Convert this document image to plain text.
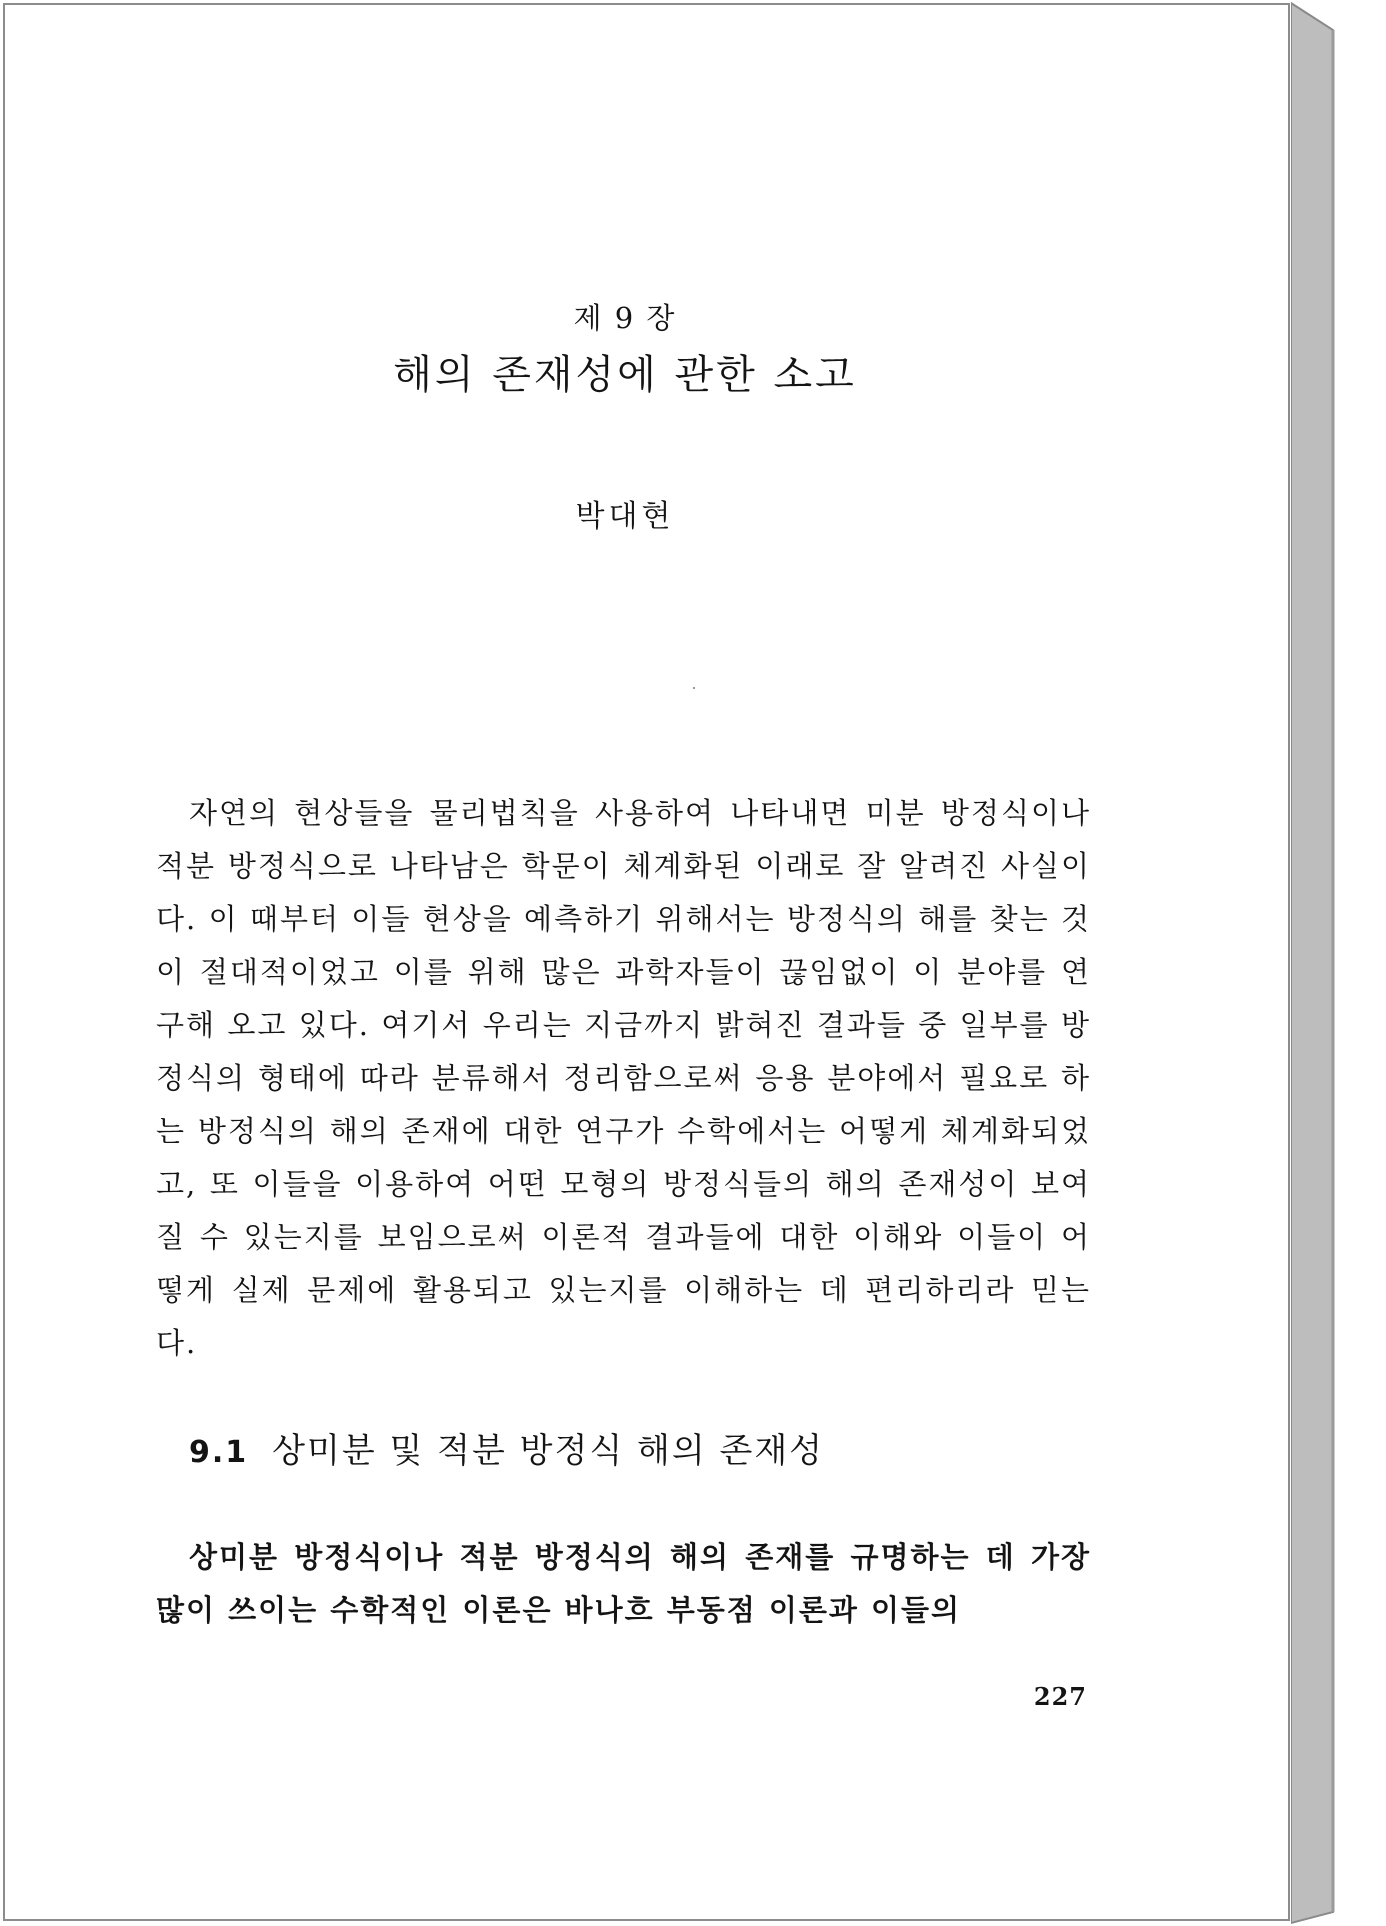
제 9 장
해의 존재성에 관한 소고
박대현

자연의 현상들을 물리법칙을 사용하여 나타내면 미분 방정식이나 적분 방정식으로 나타남은 학문이 체계화된 이래로 잘 알려진 사실이다. 이 때부터 이들 현상을 예측하기 위해서는 방정식의 해를 찾는 것이 절대적이었고 이를 위해 많은 과학자들이 끊임없이 이 분야를 연구해 오고 있다. 여기서 우리는 지금까지 밝혀진 결과들 중 일부를 방정식의 형태에 따라 분류해서 정리함으로써 응용 분야에서 필요로 하는 방정식의 해의 존재에 대한 연구가 수학에서는 어떻게 체계화되었고, 또 이들을 이용하여 어떤 모형의 방정식들의 해의 존재성이 보여질 수 있는지를 보임으로써 이론적 결과들에 대한 이해와 이들이 어떻게 실제 문제에 활용되고 있는지를 이해하는 데 편리하리라 믿는다.

9.1 상미분 및 적분 방정식 해의 존재성

상미분 방정식이나 적분 방정식의 해의 존재를 규명하는 데 가장 많이 쓰이는 수학적인 이론은 바나흐 부동점 이론과 이들의

227
